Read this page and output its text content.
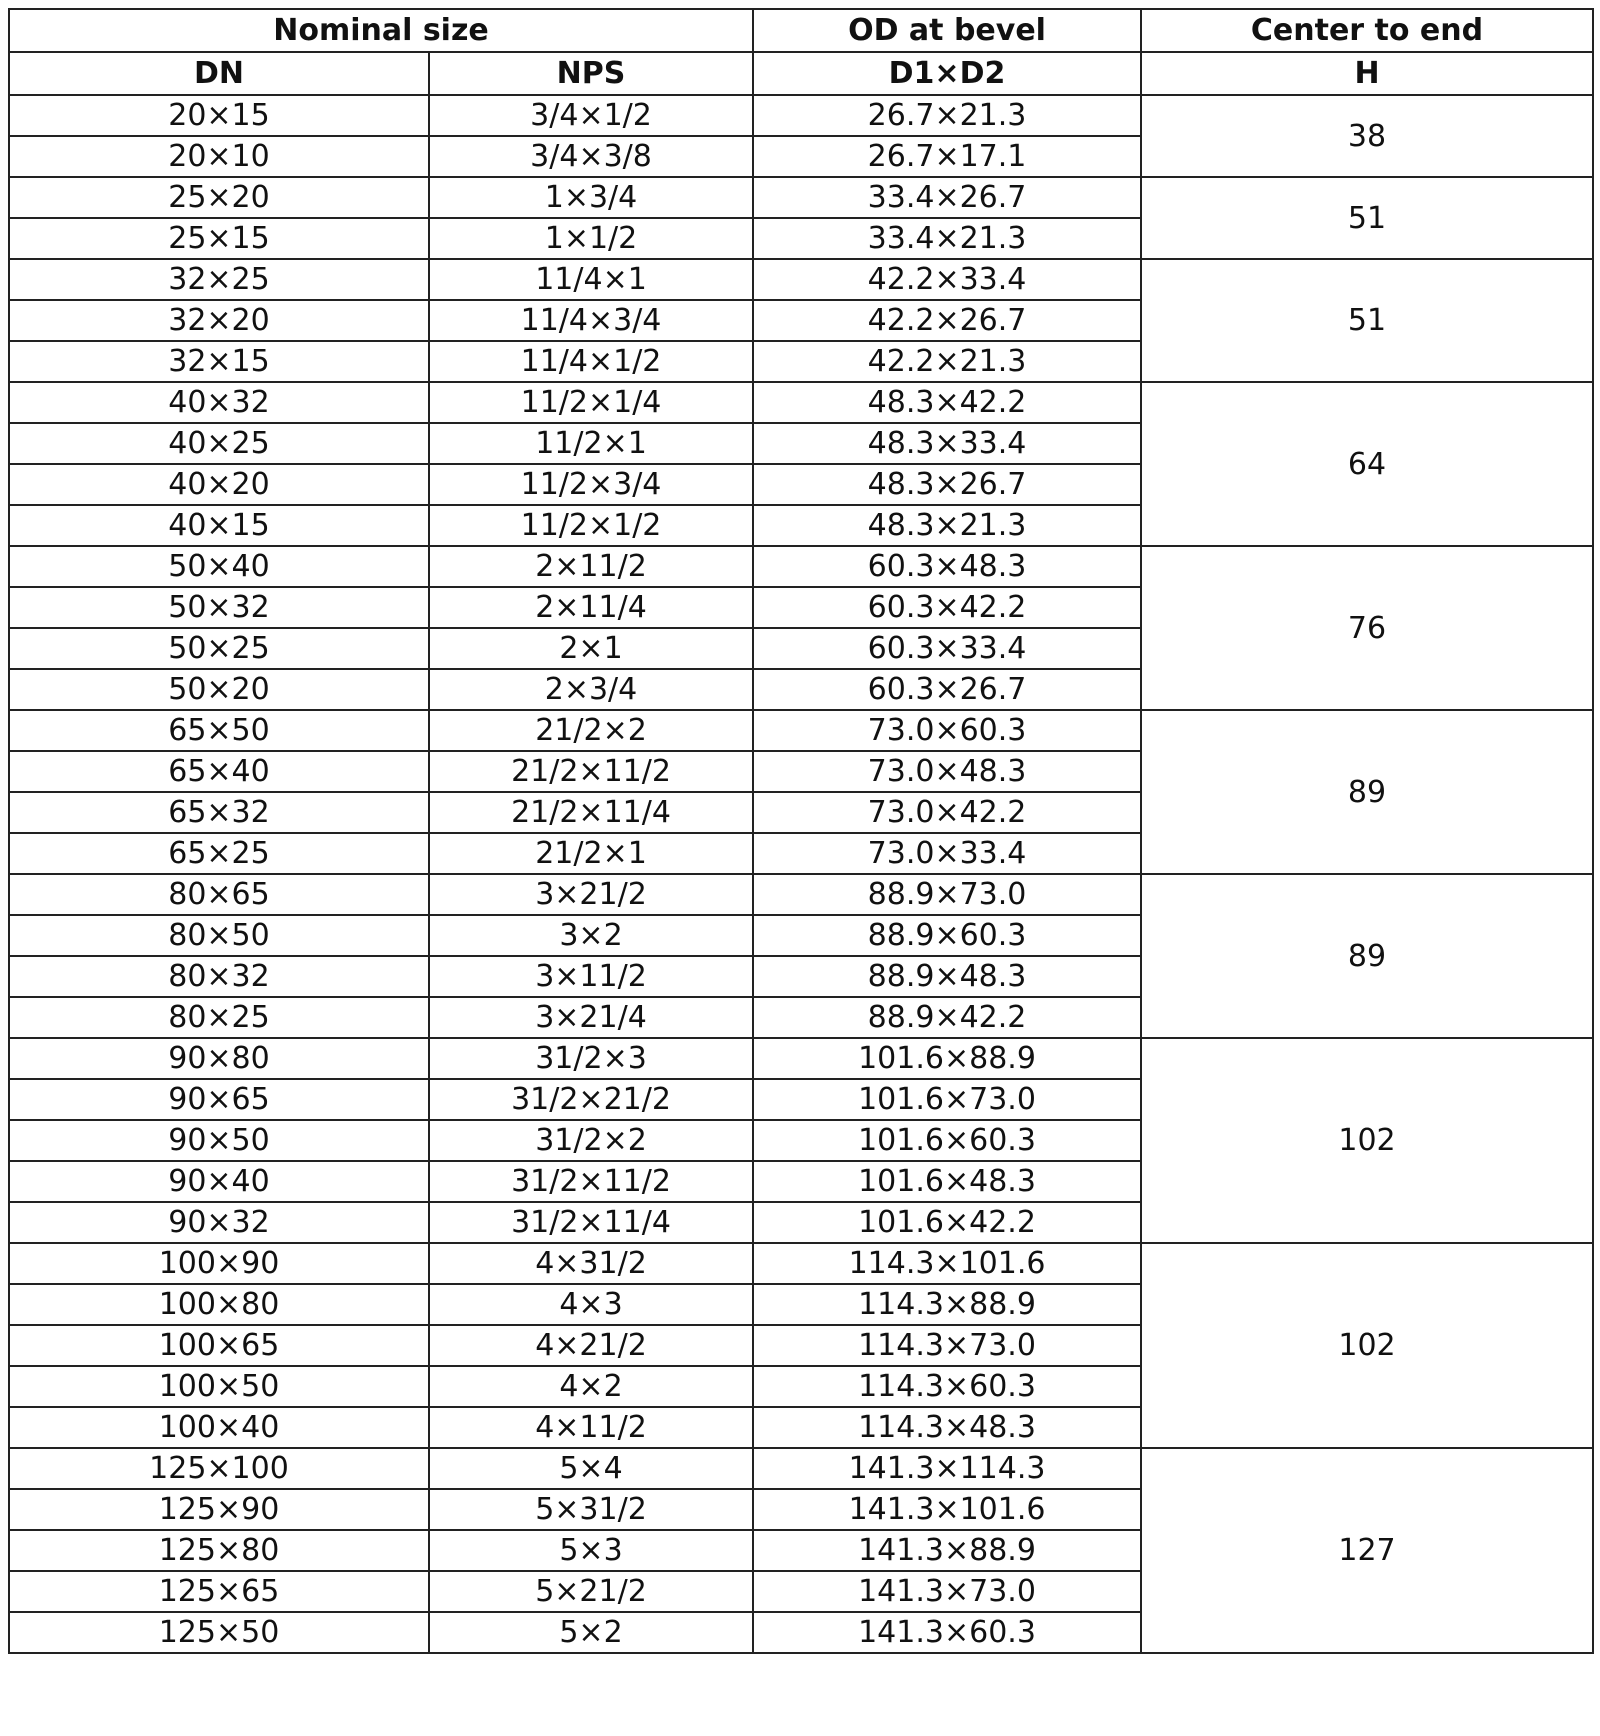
Nominal size		OD at bevel	Center to end
DN	NPS	D1×D2	H
20×15	3/4×1/2	26.7×21.3	38
20×10	3/4×3/8	26.7×17.1	
25×20	1×3/4	33.4×26.7	51
25×15	1×1/2	33.4×21.3	
32×25	11/4×1	42.2×33.4	51
32×20	11/4×3/4	42.2×26.7	
32×15	11/4×1/2	42.2×21.3	
40×32	11/2×1/4	48.3×42.2	64
40×25	11/2×1	48.3×33.4	
40×20	11/2×3/4	48.3×26.7	
40×15	11/2×1/2	48.3×21.3	
50×40	2×11/2	60.3×48.3	76
50×32	2×11/4	60.3×42.2	
50×25	2×1	60.3×33.4	
50×20	2×3/4	60.3×26.7	
65×50	21/2×2	73.0×60.3	89
65×40	21/2×11/2	73.0×48.3	
65×32	21/2×11/4	73.0×42.2	
65×25	21/2×1	73.0×33.4	
80×65	3×21/2	88.9×73.0	89
80×50	3×2	88.9×60.3	
80×32	3×11/2	88.9×48.3	
80×25	3×21/4	88.9×42.2	
90×80	31/2×3	101.6×88.9	102
90×65	31/2×21/2	101.6×73.0	
90×50	31/2×2	101.6×60.3	
90×40	31/2×11/2	101.6×48.3	
90×32	31/2×11/4	101.6×42.2	
100×90	4×31/2	114.3×101.6	102
100×80	4×3	114.3×88.9	
100×65	4×21/2	114.3×73.0	
100×50	4×2	114.3×60.3	
100×40	4×11/2	114.3×48.3	
125×100	5×4	141.3×114.3	127
125×90	5×31/2	141.3×101.6	
125×80	5×3	141.3×88.9	
125×65	5×21/2	141.3×73.0	
125×50	5×2	141.3×60.3	
